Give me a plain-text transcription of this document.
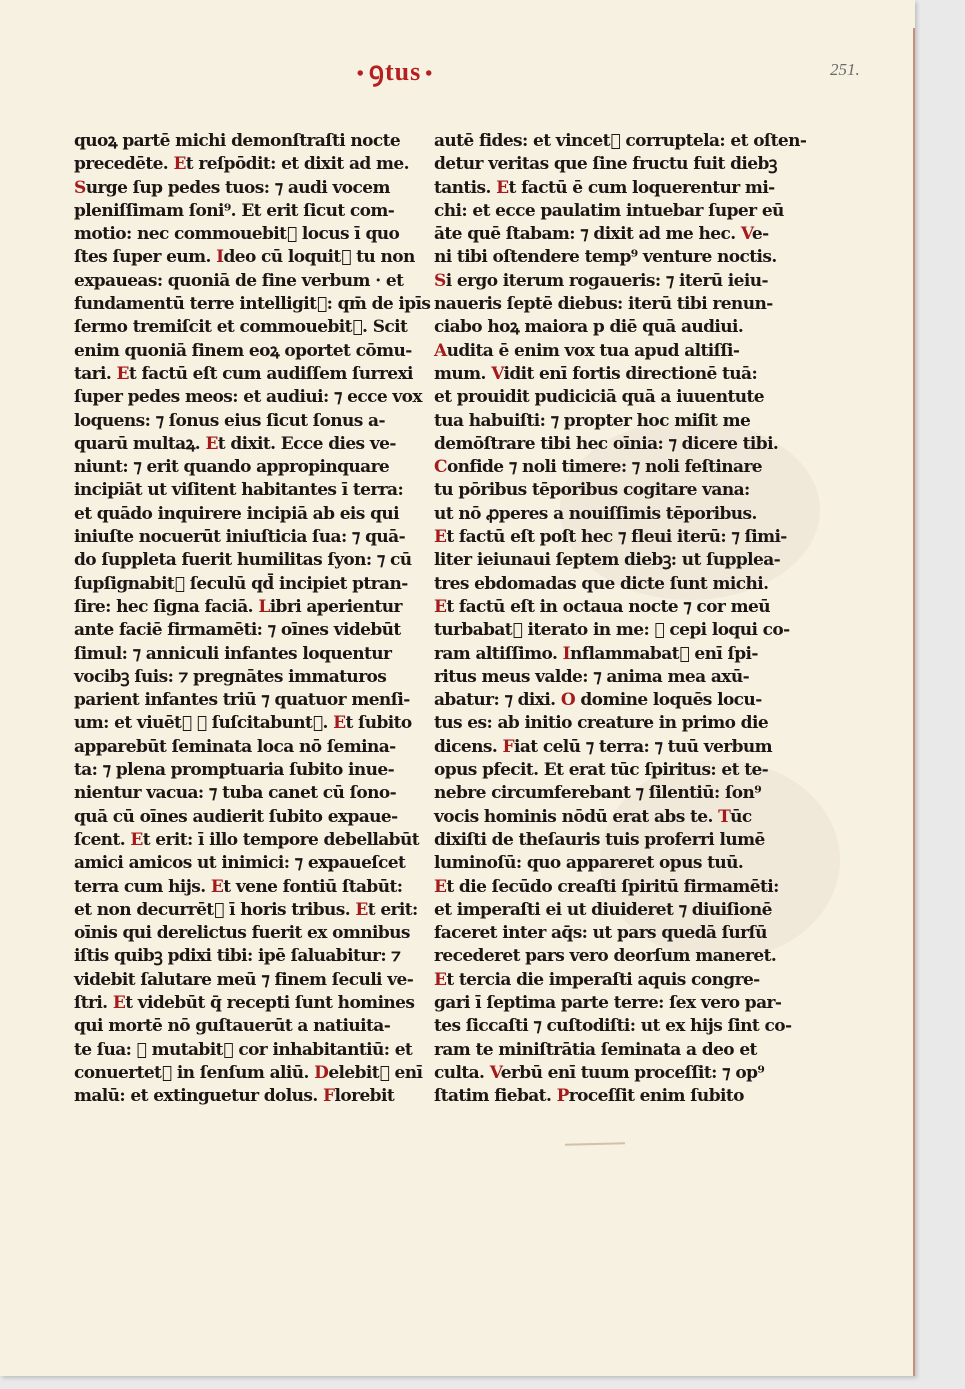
• ꝯtus •	251.
quoꝝ partē michi demonſtraſti nocte
precedēte. Et reſpōdit: et dixit ad me.
Surge ſup pedes tuos: ⁊ audi vocem
pleniſſimam ſoni⁹. Et erit ſicut com-
motio: nec commouebitᷓ locus ī quo
ſtes ſuper eum. Ideo cū loquit᷑ tu non
expaueas: quoniā de fine verbum · et
fundamentū terre intelligitᷓ: qm̄ de ipīs
ſermo tremiſcit et commouebitᷓ. Scit
enim quoniā finem eoꝝ oportet cōmu-
tari. Et factū eſt cum audiſſem ſurrexi
ſuper pedes meos: et audiui: ⁊ ecce vox
loquens: ⁊ ſonus eius ſicut ſonus a-
quarū multaꝝ. Et dixit. Ecce dies ve-
niunt: ⁊ erit quando appropinquare
incipiāt ut viſitent habitantes ī terra:
et quādo inquirere incipiā ab eis qui
iniuſte nocuerūt iniuſticia ſua: ⁊ quā-
do ſuppleta fuerit humilitas ſyon: ⁊ cū
ſupſignabitᷓ ſeculū qd̄ incipiet ptran-
ſire: hec ſigna faciā. Libri aperientur
ante faciē firmamēti: ⁊ oīnes videbūt
ſimul: ⁊ anniculi infantes loquentur
vocibꝫ ſuis: ⁊ pregnātes immaturos
parient infantes triū ⁊ quatuor menſi-
um: et viuētᷓ ⁊ ſuſcitabuntᷓ. Et ſubito
apparebūt ſeminata loca nō ſemina-
ta: ⁊ plena promptuaria ſubito inue-
nientur vacua: ⁊ tuba canet cū ſono-
quā cū oīnes audierit ſubito expaue-
ſcent. Et erit: ī illo tempore debellabūt
amici amicos ut inimici: ⁊ expaueſcet
terra cum hijs. Et vene fontiū ſtabūt:
et non decurrētᷓ ī horis tribus. Et erit:
oīnis qui derelictus fuerit ex omnibus
iſtis quibꝫ pdixi tibi: ipē ſaluabitur: ⁊
videbit ſalutare meū ⁊ finem ſeculi ve-
ſtri. Et videbūt q̄ recepti ſunt homines
qui mortē nō guſtauerūt a natiuita-
te ſua: ⁊ mutabitᷓ cor inhabitantiū: et
conuertetᷓ in ſenſum aliū. Delebitᷓ enī
malū: et extinguetur dolus. Florebit
autē fides: et vincetᷓ corruptela: et oſten-
detur veritas que ſine fructu fuit diebꝫ
tantis. Et factū ē cum loquerentur mi-
chi: et ecce paulatim intuebar ſuper eū
āte quē ſtabam: ⁊ dixit ad me hec. Ve-
ni tibi oſtendere temp⁹ venture noctis.
Si ergo iterum rogaueris: ⁊ iterū ieiu-
naueris ſeptē diebus: iterū tibi renun-
ciabo hoꝝ maiora p diē quā audiui.
Audita ē enim vox tua apud altiſſi-
mum. Vidit enī fortis directionē tuā:
et prouidit pudiciciā quā a iuuentute
tua habuiſti: ⁊ propter hoc miſit me
demōſtrare tibi hec oīnia: ⁊ dicere tibi.
Confide ⁊ noli timere: ⁊ noli feſtinare
tu pōribus tēporibus cogitare vana:
ut nō ꝓperes a nouiſſimis tēporibus.
Et factū eſt poſt hec ⁊ fleui iterū: ⁊ ſimi-
liter ieiunaui ſeptem diebꝫ: ut ſupplea-
tres ebdomadas que dicte ſunt michi.
Et factū eſt in octaua nocte ⁊ cor meū
turbabatᷓ iterato in me: ⁊ cepi loqui co-
ram altiſſimo. Inflammabatᷓ enī ſpi-
ritus meus valde: ⁊ anima mea axū-
abatur: ⁊ dixi. O domine loquēs locu-
tus es: ab initio creature in primo die
dicens. Fiat celū ⁊ terra: ⁊ tuū verbum
opus pfecit. Et erat tūc ſpiritus: et te-
nebre circumferebant ⁊ ſilentiū: ſon⁹
vocis hominis nōdū erat abs te. Tūc
dixiſti de theſauris tuis proferri lumē
luminoſū: quo appareret opus tuū.
Et die ſecūdo creaſti ſpiritū firmamēti:
et imperaſti ei ut diuideret ⁊ diuiſionē
faceret inter aq̄s: ut pars quedā ſurſū
recederet pars vero deorſum maneret.
Et tercia die imperaſti aquis congre-
gari ī ſeptima parte terre: ſex vero par-
tes ſiccaſti ⁊ cuſtodiſti: ut ex hijs ſint co-
ram te miniſtrātia ſeminata a deo et
culta. Verbū enī tuum proceſſit: ⁊ op⁹
ſtatim fiebat. Proceſſit enim ſubito
